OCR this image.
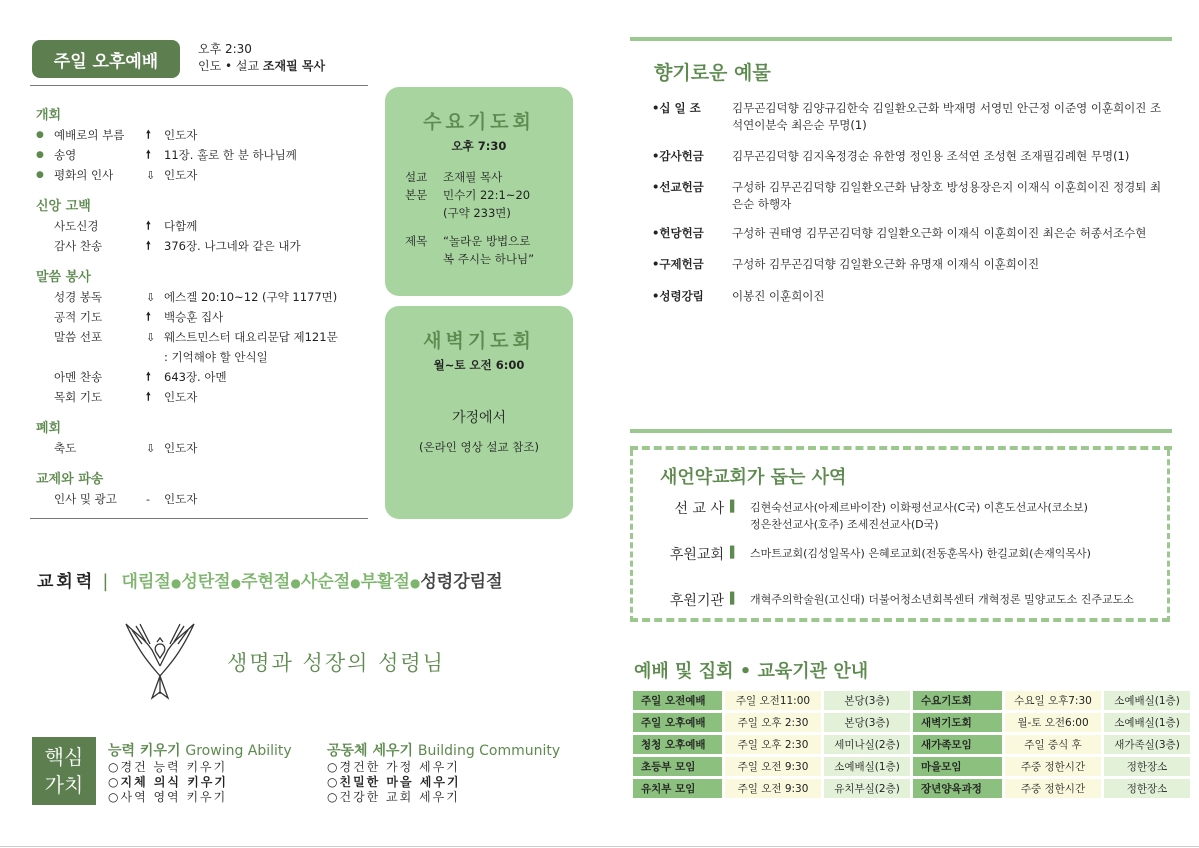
주일 오후예배
오후 2:30
인도 • 설교 조재필 목사
개회
● 예배로의 부름	🠕	인도자
● 송영	🠕	11장. 홀로 한 분 하나님께
● 평화의 인사	⇩ 인도자
신앙 고백
사도신경	🠕	다함께
감사 찬송	🠕	376장. 나그네와 같은 내가
말씀 봉사
성경 봉독	⇩ 에스겔 20:10~12 (구약 1177면)
공적 기도	🠕	백승훈 집사
말씀 선포	⇩ 웨스트민스터 대요리문답 제121문
: 기억해야 할 안식일
아멘 찬송	🠕	643장. 아멘
목회 기도	🠕	인도자
폐회
축도	⇩ 인도자
교제와 파송
인사 및 광고	-	인도자
수요기도회
오후 7:30
설교	조재필 목사
본문	민수기 22:1~20
(구약 233면)
제목	“놀라운 방법으로
복 주시는 하나님”
새벽기도회
월~토 오전 6:00
가정에서
(온라인 영상 설교 참조)
교회력 | 대림절●성탄절●주현절●사순절●부활절●성령강림절
생명과 성장의 성령님
핵심
가치
능력 키우기 Growing Ability
○경건 능력 키우기
○지체 의식 키우기
○사역 영역 키우기
공동체 세우기 Building Community
○경건한 가정 세우기
○친밀한 마을 세우기
○건강한 교회 세우기
향기로운 예물
•십 일 조	김무곤김덕향 김양규김한숙 김일환오근화 박재명 서영민 안근정 이준영 이훈희이진 조석연이분숙 최은순 무명(1)
•감사헌금	김무곤김덕향 김지옥정경순 유한영 정인용 조석연 조성현 조재필김례현 무명(1)
•선교헌금	구성하 김무곤김덕향 김일환오근화 남창호 방성용장은지 이재식 이훈희이진 정경퇴 최은순 하행자
•헌당헌금	구성하 권태영 김무곤김덕향 김일환오근화 이재식 이훈희이진 최은순 허종서조수현
•구제헌금	구성하 김무곤김덕향 김일환오근화 유명재 이재식 이훈희이진
•성령강림	이봉진 이훈희이진
새언약교회가 돕는 사역
선 교 사 ▌	김현숙선교사(아제르바이잔) 이화평선교사(C국) 이흔도선교사(코소보)
정은찬선교사(호주) 조세진선교사(D국)
후원교회 ▌	스마트교회(김성일목사) 은혜로교회(전동훈목사) 한길교회(손재익목사)
후원기관 ▌	개혁주의학술원(고신대) 더불어청소년회복센터 개혁정론 밀양교도소 진주교도소
예배 및 집회 • 교육기관 안내
주일 오전예배	주일 오전11:00	본당(3층)	수요기도회	수요일 오후7:30	소예배실(1층)
주일 오후예배	주일 오후 2:30	본당(3층)	새벽기도회	월-토 오전6:00	소예배실(1층)
청청 오후예배	주일 오후 2:30	세미나실(2층)	새가족모임	주일 중식 후	새가족실(3층)
초등부 모임	주일 오전 9:30	소예배실(1층)	마을모임	주중 정한시간	정한장소
유치부 모임	주일 오전 9:30	유치부실(2층)	장년양육과정	주중 정한시간	정한장소
